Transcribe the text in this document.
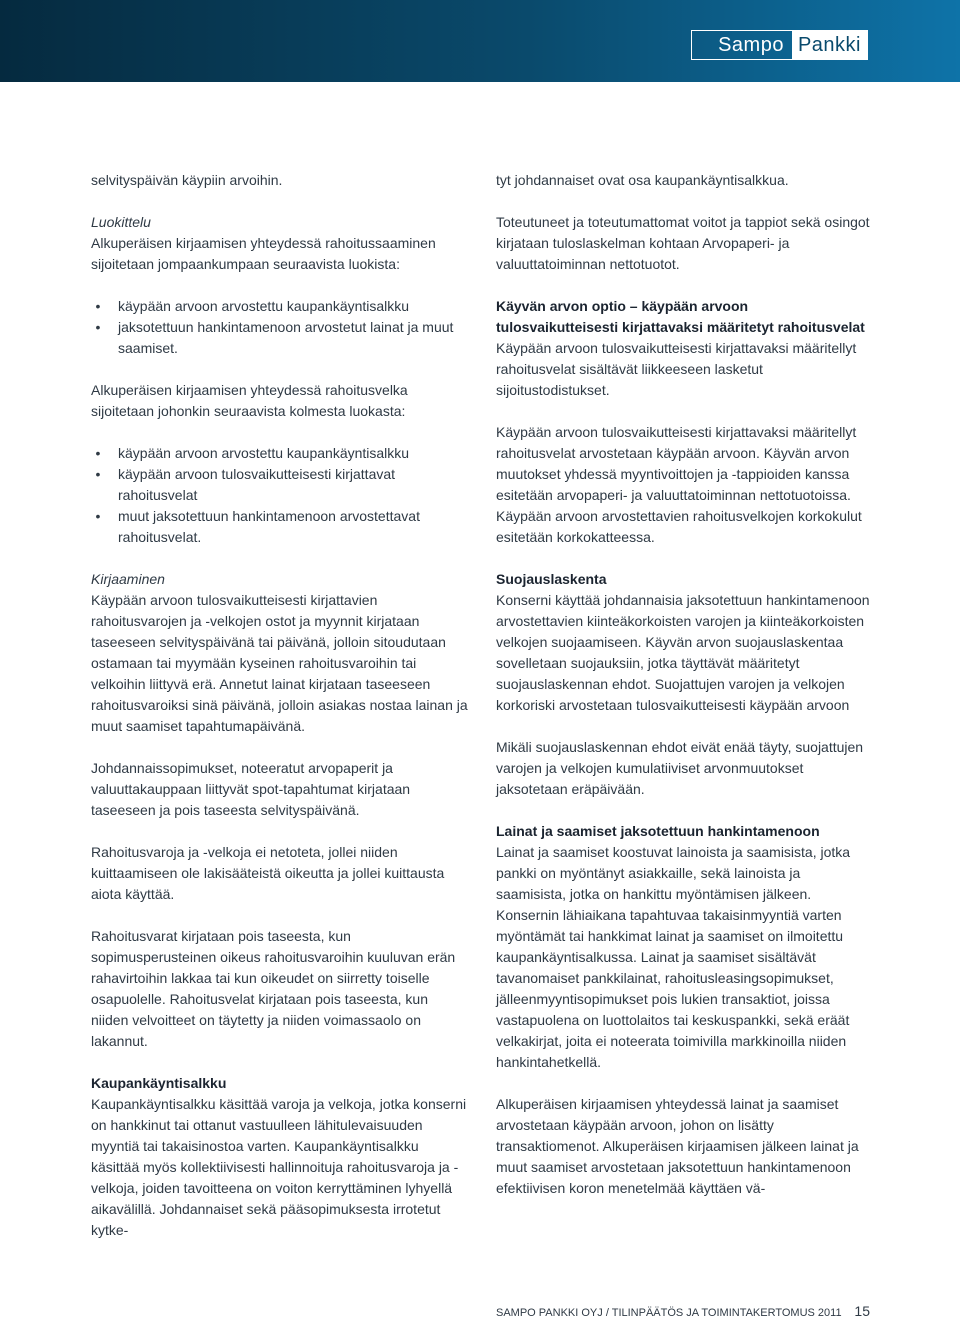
Sampo Pankki

selvityspäivän käypiin arvoihin.

Luokittelu
Alkuperäisen kirjaamisen yhteydessä rahoitussaaminen sijoitetaan jompaankumpaan seuraavista luokista:

• käypään arvoon arvostettu kaupankäyntisalkku
• jaksotettuun hankintamenoon arvostetut lainat ja muut saamiset.

Alkuperäisen kirjaamisen yhteydessä rahoitusvelka sijoitetaan johonkin seuraavista kolmesta luokasta:

• käypään arvoon arvostettu kaupankäyntisalkku
• käypään arvoon tulosvaikutteisesti kirjattavat rahoitusvelat
• muut jaksotettuun hankintamenoon arvostettavat rahoitusvelat.

Kirjaaminen
Käypään arvoon tulosvaikutteisesti kirjattavien rahoitusvarojen ja -velkojen ostot ja myynnit kirjataan taseeseen selvityspäivänä tai päivänä, jolloin sitoudutaan ostamaan tai myymään kyseinen rahoitusvaroihin tai velkoihin liittyvä erä. Annetut lainat kirjataan taseeseen rahoitusvaroiksi sinä päivänä, jolloin asiakas nostaa lainan ja muut saamiset tapahtumapäivänä.

Johdannaissopimukset, noteeratut arvopaperit ja valuuttakauppaan liittyvät spot-tapahtumat kirjataan taseeseen ja pois taseesta selvityspäivänä.

Rahoitusvaroja ja -velkoja ei netoteta, jollei niiden kuittaamiseen ole lakisääteistä oikeutta ja jollei kuittausta aiota käyttää.

Rahoitusvarat kirjataan pois taseesta, kun sopimusperusteinen oikeus rahoitusvaroihin kuuluvan erän rahavirtoihin lakkaa tai kun oikeudet on siirretty toiselle osapuolelle. Rahoitusvelat kirjataan pois taseesta, kun niiden velvoitteet on täytetty ja niiden voimassaolo on lakannut.

Kaupankäyntisalkku
Kaupankäyntisalkku käsittää varoja ja velkoja, jotka konserni on hankkinut tai ottanut vastuulleen lähitulevaisuuden myyntiä tai takaisinostoa varten. Kaupankäyntisalkku käsittää myös kollektiivisesti hallinnoituja rahoitusvaroja ja -velkoja, joiden tavoitteena on voiton kerryttäminen lyhyellä aikavälillä. Johdannaiset sekä pääsopimuksesta irrotetut kytke-

tyt johdannaiset ovat osa kaupankäyntisalkkua.

Toteutuneet ja toteutumattomat voitot ja tappiot sekä osingot kirjataan tuloslaskelman kohtaan Arvopaperi- ja valuuttatoiminnan nettotuotot.

Käyvän arvon optio – käypään arvoon tulosvaikutteisesti kirjattavaksi määritetyt rahoitusvelat
Käypään arvoon tulosvaikutteisesti kirjattavaksi määritellyt rahoitusvelat sisältävät liikkeeseen lasketut sijoitustodistukset.

Käypään arvoon tulosvaikutteisesti kirjattavaksi määritellyt rahoitusvelat arvostetaan käypään arvoon. Käyvän arvon muutokset yhdessä myyntivoittojen ja -tappioiden kanssa esitetään arvopaperi- ja valuuttatoiminnan nettotuotoissa. Käypään arvoon arvostettavien rahoitusvelkojen korkokulut esitetään korkokatteessa.

Suojauslaskenta
Konserni käyttää johdannaisia jaksotettuun hankintamenoon arvostettavien kiinteäkorkoisten varojen ja kiinteäkorkoisten velkojen suojaamiseen. Käyvän arvon suojauslaskentaa sovelletaan suojauksiin, jotka täyttävät määritetyt suojauslaskennan ehdot. Suojattujen varojen ja velkojen korkoriski arvostetaan tulosvaikutteisesti käypään arvoon

Mikäli suojauslaskennan ehdot eivät enää täyty, suojattujen varojen ja velkojen kumulatiiviset arvonmuutokset jaksotetaan eräpäivään.

Lainat ja saamiset jaksotettuun hankintamenoon
Lainat ja saamiset koostuvat lainoista ja saamisista, jotka pankki on myöntänyt asiakkaille, sekä lainoista ja saamisista, jotka on hankittu myöntämisen jälkeen. Konsernin lähiaikana tapahtuvaa takaisinmyyntiä varten myöntämät tai hankkimat lainat ja saamiset on ilmoitettu kaupankäyntisalkussa. Lainat ja saamiset sisältävät tavanomaiset pankkilainat, rahoitusleasingsopimukset, jälleenmyyntisopimukset pois lukien transaktiot, joissa vastapuolena on luottolaitos tai keskuspankki, sekä eräät velkakirjat, joita ei noteerata toimivilla markkinoilla niiden hankintahetkellä.

Alkuperäisen kirjaamisen yhteydessä lainat ja saamiset arvostetaan käypään arvoon, johon on lisätty transaktiomenot. Alkuperäisen kirjaamisen jälkeen lainat ja muut saamiset arvostetaan jaksotettuun hankintamenoon efektiivisen koron menetelmää käyttäen vä-

SAMPO PANKKI OYJ / TILINPÄÄTÖS JA TOIMINTAKERTOMUS 2011 15
